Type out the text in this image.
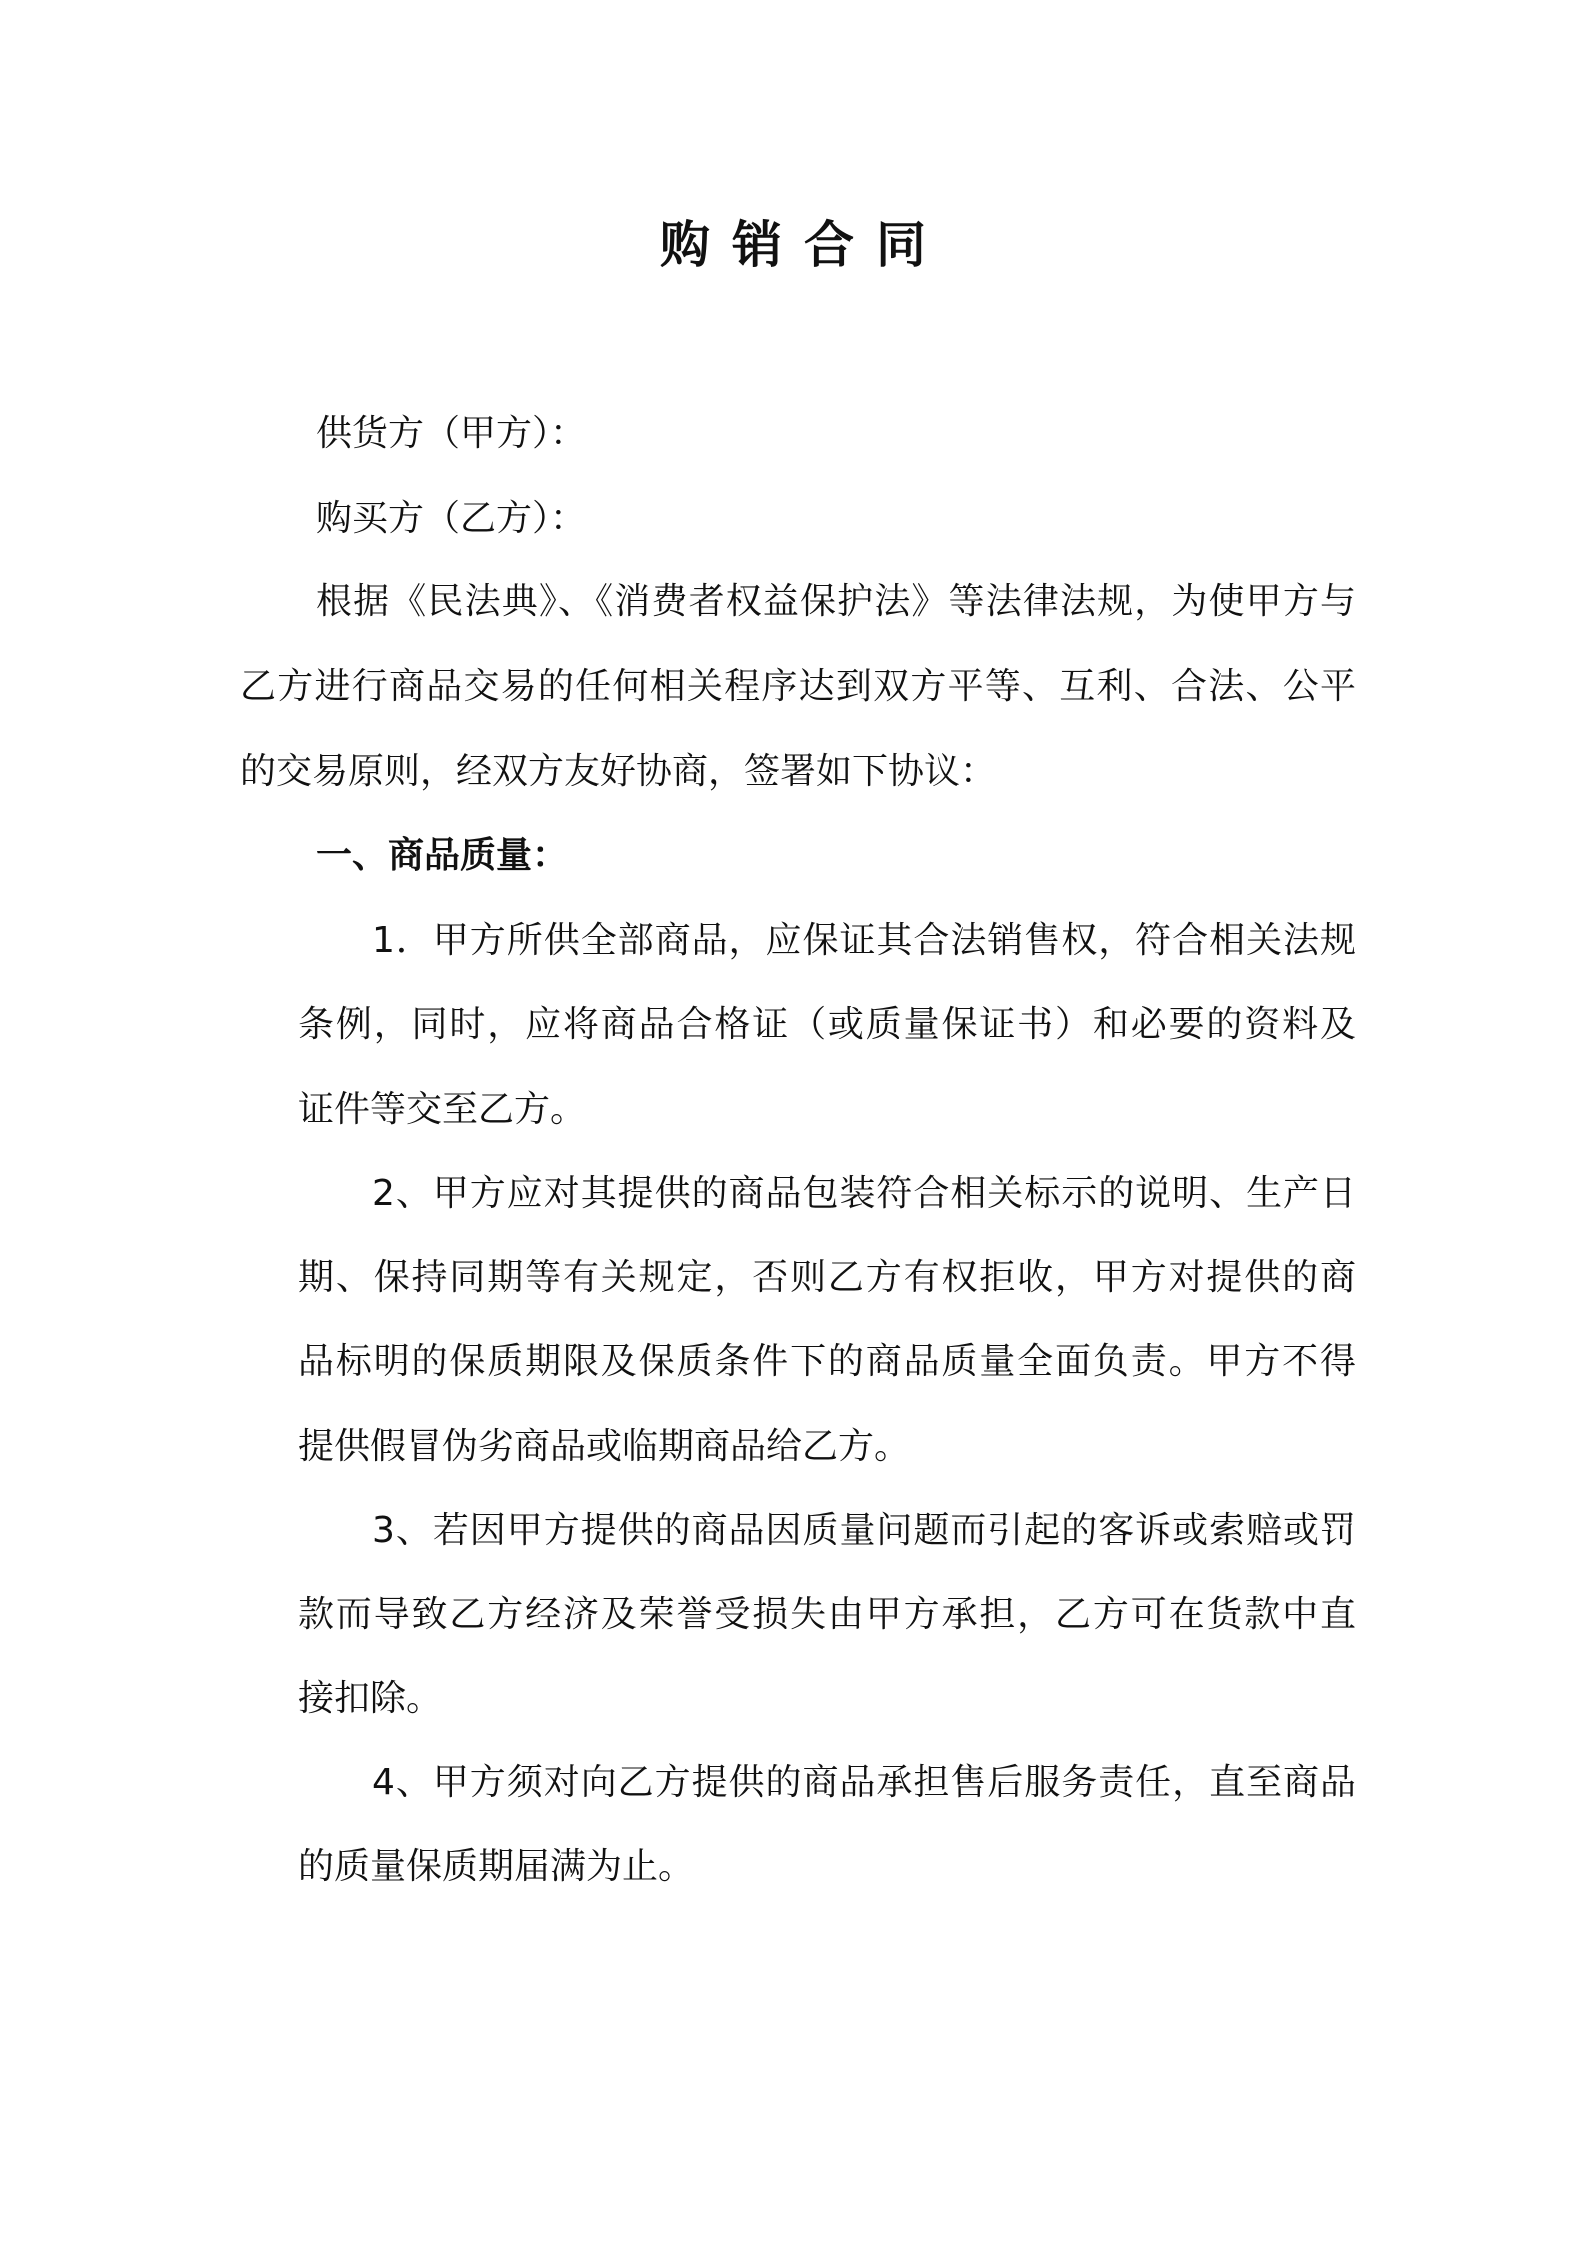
购销合同
供货方（甲方）：
购买方（乙方）：
根据《民法典》、《消费者权益保护法》等法律法规，为使甲方与
乙方进行商品交易的任何相关程序达到双方平等、互利、合法、公平
的交易原则，经双方友好协商，签署如下协议：
一、商品质量：
1．甲方所供全部商品，应保证其合法销售权，符合相关法规
条例，同时，应将商品合格证（或质量保证书）和必要的资料及
证件等交至乙方。
2、甲方应对其提供的商品包装符合相关标示的说明、生产日
期、保持同期等有关规定，否则乙方有权拒收，甲方对提供的商
品标明的保质期限及保质条件下的商品质量全面负责。甲方不得
提供假冒伪劣商品或临期商品给乙方。
3、若因甲方提供的商品因质量问题而引起的客诉或索赔或罚
款而导致乙方经济及荣誉受损失由甲方承担，乙方可在货款中直
接扣除。
4、甲方须对向乙方提供的商品承担售后服务责任，直至商品
的质量保质期届满为止。
